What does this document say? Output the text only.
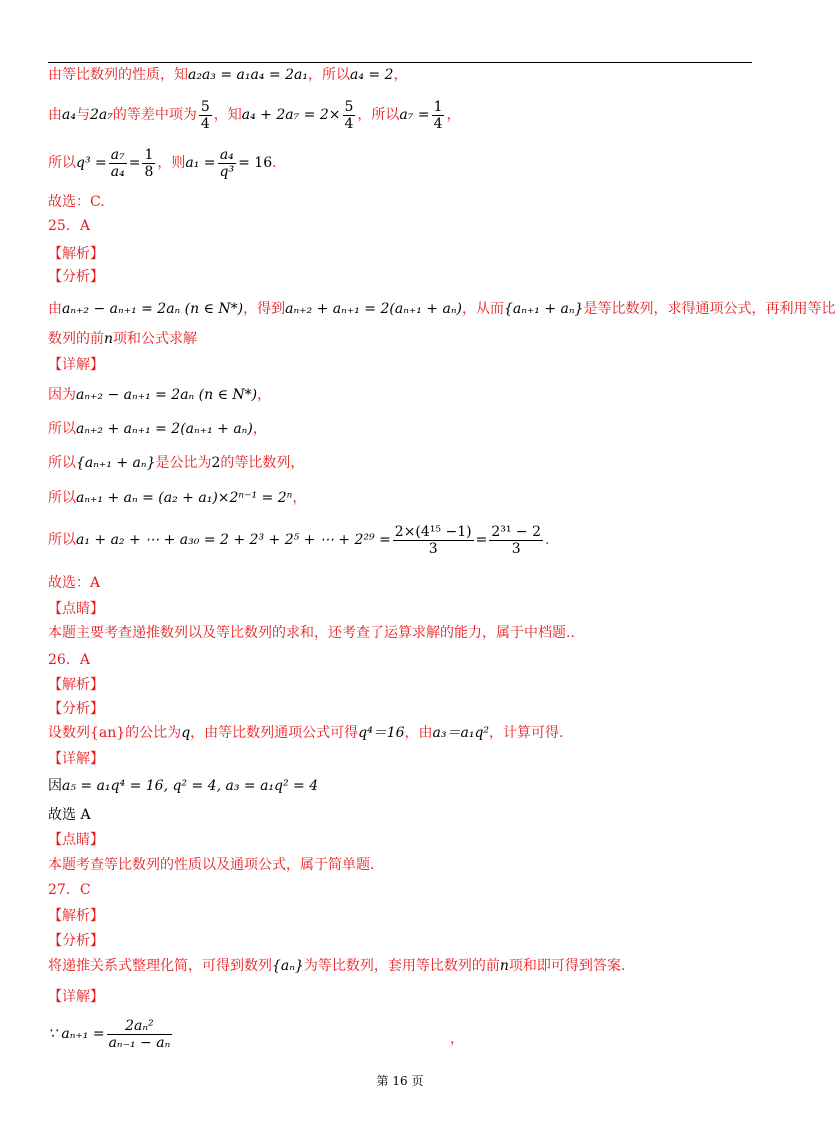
由等比数列的性质，知a₂a₃ = a₁a₄ = 2a₁，所以a₄ = 2，
由a₄与2a₇的等差中项为 $\frac{5}{4}$ ，知$a_4 + 2a_7 = 2\times \frac{5}{4}$ ，所以$a_7 = \frac{1}{4}$ ，
所以$q^3 = \frac{\text{a₇}}{\text{a₄}} = \frac{1}{8}$ ，则$a_1 = \frac{\text{a₄}}{\text{q³}} = 16$.
故选：C.
25．A
【解析】
【分析】
由aₙ₊₂ − aₙ₊₁ = 2aₙ (n ∈ N*)，得到aₙ₊₂ + aₙ₊₁ = 2(aₙ₊₁ + aₙ)，从而{aₙ₊₁ + aₙ}是等比数列，求得通项公式，再利用等比
数列的前n项和公式求解
【详解】
因为aₙ₊₂ − aₙ₊₁ = 2aₙ (n ∈ N*)，
所以aₙ₊₂ + aₙ₊₁ = 2(aₙ₊₁ + aₙ)，
所以{aₙ₊₁ + aₙ}是公比为2的等比数列，
所以aₙ₊₁ + aₙ = (a₂ + a₁)×2ⁿ⁻¹ = 2ⁿ，
所以a₁ + a₂ + ⋯ + a₃₀ = 2 + 2³ + 2⁵ + ⋯ + $2^{29} = \frac{\text{2×(4¹⁵ −1)}}{3} = \frac{\text{2³¹ − 2}}{3}$ .
故选：A
【点睛】
本题主要考查递推数列以及等比数列的求和，还考查了运算求解的能力，属于中档题..
26．A
【解析】
【分析】
设数列{an}的公比为q，由等比数列通项公式可得q⁴＝16，由a₃＝a₁q²，计算可得.
【详解】
因a₅ = a₁q⁴ = 16, q² = 4, a₃ = a₁q² = 4
故选 A
【点睛】
本题考查等比数列的性质以及通项公式，属于简单题.
27．C
【解析】
【分析】
将递推关系式整理化简，可得到数列{aₙ}为等比数列，套用等比数列的前n项和即可得到答案.
【详解】
∵ $a_{n+1} = \frac{\text{2aₙ²}}{\text{aₙ₋₁ − aₙ}}$	，
第 16 页
